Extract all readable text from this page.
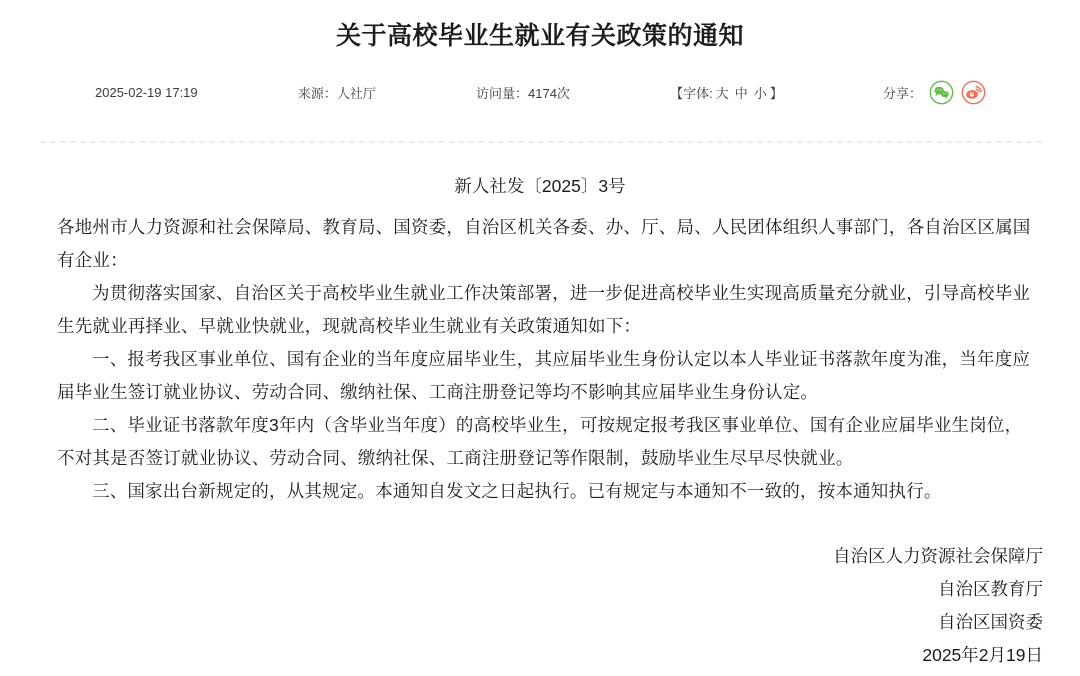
关于高校毕业生就业有关政策的通知
2025-02-19 17:19	来源：人社厅	访问量：4174次	【字体: 大 中 小 】	分享：

新人社发〔2025〕3号

各地州市人力资源和社会保障局、教育局、国资委，自治区机关各委、办、厅、局、人民团体组织人事部门，各自治区区属国有企业：

为贯彻落实国家、自治区关于高校毕业生就业工作决策部署，进一步促进高校毕业生实现高质量充分就业，引导高校毕业生先就业再择业、早就业快就业，现就高校毕业生就业有关政策通知如下：

一、报考我区事业单位、国有企业的当年度应届毕业生，其应届毕业生身份认定以本人毕业证书落款年度为准，当年度应届毕业生签订就业协议、劳动合同、缴纳社保、工商注册登记等均不影响其应届毕业生身份认定。

二、毕业证书落款年度3年内（含毕业当年度）的高校毕业生，可按规定报考我区事业单位、国有企业应届毕业生岗位，不对其是否签订就业协议、劳动合同、缴纳社保、工商注册登记等作限制，鼓励毕业生尽早尽快就业。

三、国家出台新规定的，从其规定。本通知自发文之日起执行。已有规定与本通知不一致的，按本通知执行。

自治区人力资源社会保障厅

自治区教育厅

自治区国资委

2025年2月19日
